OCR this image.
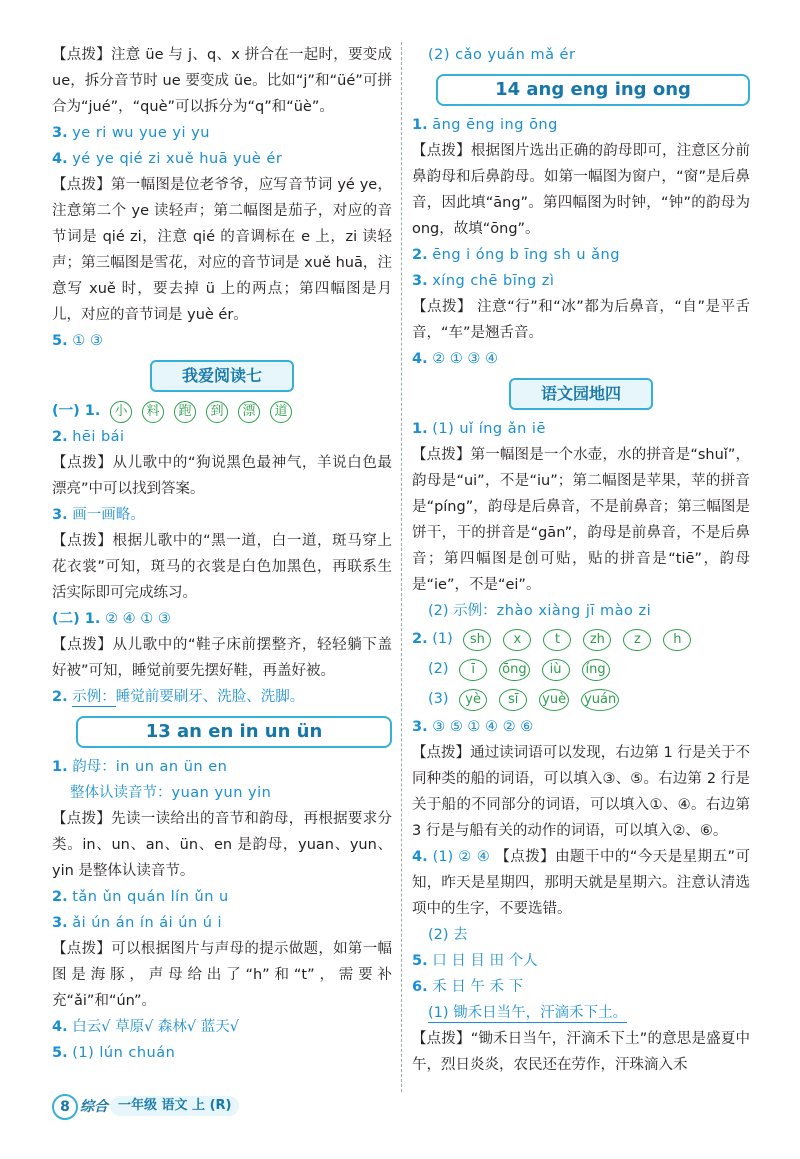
【点拨】注意 üe 与 j、q、x 拼合在一起时，要变成 ue，拆分音节时 ue 要变成 üe。比如“j”和“üé”可拼合为“jué”，“què”可以拆分为“q”和“üè”。

3. ye ri wu yue yi yu
4. yé ye qié zi xuě huā yuè ér

【点拨】第一幅图是位老爷爷，应写音节词 yé ye，注意第二个 ye 读轻声；第二幅图是茄子，对应的音节词是 qié zi，注意 qié 的音调标在 e 上，zi 读轻声；第三幅图是雪花，对应的音节词是 xuě huā，注意写 xuě 时，要去掉 ü 上的两点；第四幅图是月儿，对应的音节词是 yuè ér。

5. ① ③
我爱阅读七
(一) 1. 小 料 跑 到 漂 道
2. hēi bái

【点拨】从儿歌中的“狗说黑色最神气，羊说白色最漂亮”中可以找到答案。

3. 画一画略。

【点拨】根据儿歌中的“黑一道，白一道，斑马穿上花衣裳”可知，斑马的衣裳是白色加黑色，再联系生活实际即可完成练习。

(二) 1. ② ④ ① ③

【点拨】从儿歌中的“鞋子床前摆整齐，轻轻躺下盖好被”可知，睡觉前要先摆好鞋，再盖好被。

2. 示例：睡觉前要刷牙、洗脸、洗脚。
13 an en in un ün
1. 韵母：in un an ün en
整体认读音节：yuan yun yin

【点拨】先读一读给出的音节和韵母，再根据要求分类。in、un、an、ün、en 是韵母，yuan、yun、yin 是整体认读音节。

2. tǎn ǔn quán lín ǔn u
3. ǎi ún án ín ái ún ú i

【点拨】可以根据图片与声母的提示做题，如第一幅图是海豚，声母给出了“h”和“t”，需要补充“ǎi”和“ún”。

4. 白云√ 草原√ 森林√ 蓝天√
5. (1) lún chuán
(2) cǎo yuán mǎ ér
14 ang eng ing ong
1. āng ēng ing ōng

【点拨】根据图片选出正确的韵母即可，注意区分前鼻韵母和后鼻韵母。如第一幅图为窗户，“窗”是后鼻音，因此填“āng”。第四幅图为时钟，“钟”的韵母为 ong，故填“ōng”。

2. ēng i óng b īng sh u ǎng
3. xíng chē bīng zì

【点拨】 注意“行”和“冰”都为后鼻音，“自”是平舌音，“车”是翘舌音。

4. ② ① ③ ④
语文园地四
1. (1) uǐ íng ǎn iē

【点拨】第一幅图是一个水壶，水的拼音是“shuǐ”，韵母是“ui”，不是“iu”；第二幅图是苹果，苹的拼音是“píng”，韵母是后鼻音，不是前鼻音；第三幅图是饼干，干的拼音是“gān”，韵母是前鼻音，不是后鼻音；第四幅图是创可贴，贴的拼音是“tiē”，韵母是“ie”，不是“ei”。

(2) 示例：zhào xiàng jī mào zi
2. (1) sh x	t zh z h
(2) ī ōng iù íng
(3) yè sī yuè yuán
3. ③ ⑤ ① ④ ② ⑥

【点拨】通过读词语可以发现，右边第 1 行是关于不同种类的船的词语，可以填入③、⑤。右边第 2 行是关于船的不同部分的词语，可以填入①、④。右边第 3 行是与船有关的动作的词语，可以填入②、⑥。

4. (1) ② ④ 【点拨】由题干中的“今天是星期五”可知，昨天是星期四，那明天就是星期六。注意认清选项中的生字，不要选错。

(2) 去
5. 口 日 目 田 个人
6. 禾 日 午 禾 下
(1) 锄禾日当午，汗滴禾下土。

【点拨】“锄禾日当午，汗滴禾下土”的意思是盛夏中午，烈日炎炎，农民还在劳作，汗珠滴入禾

8 综合 一年级 语文 上 (R)
